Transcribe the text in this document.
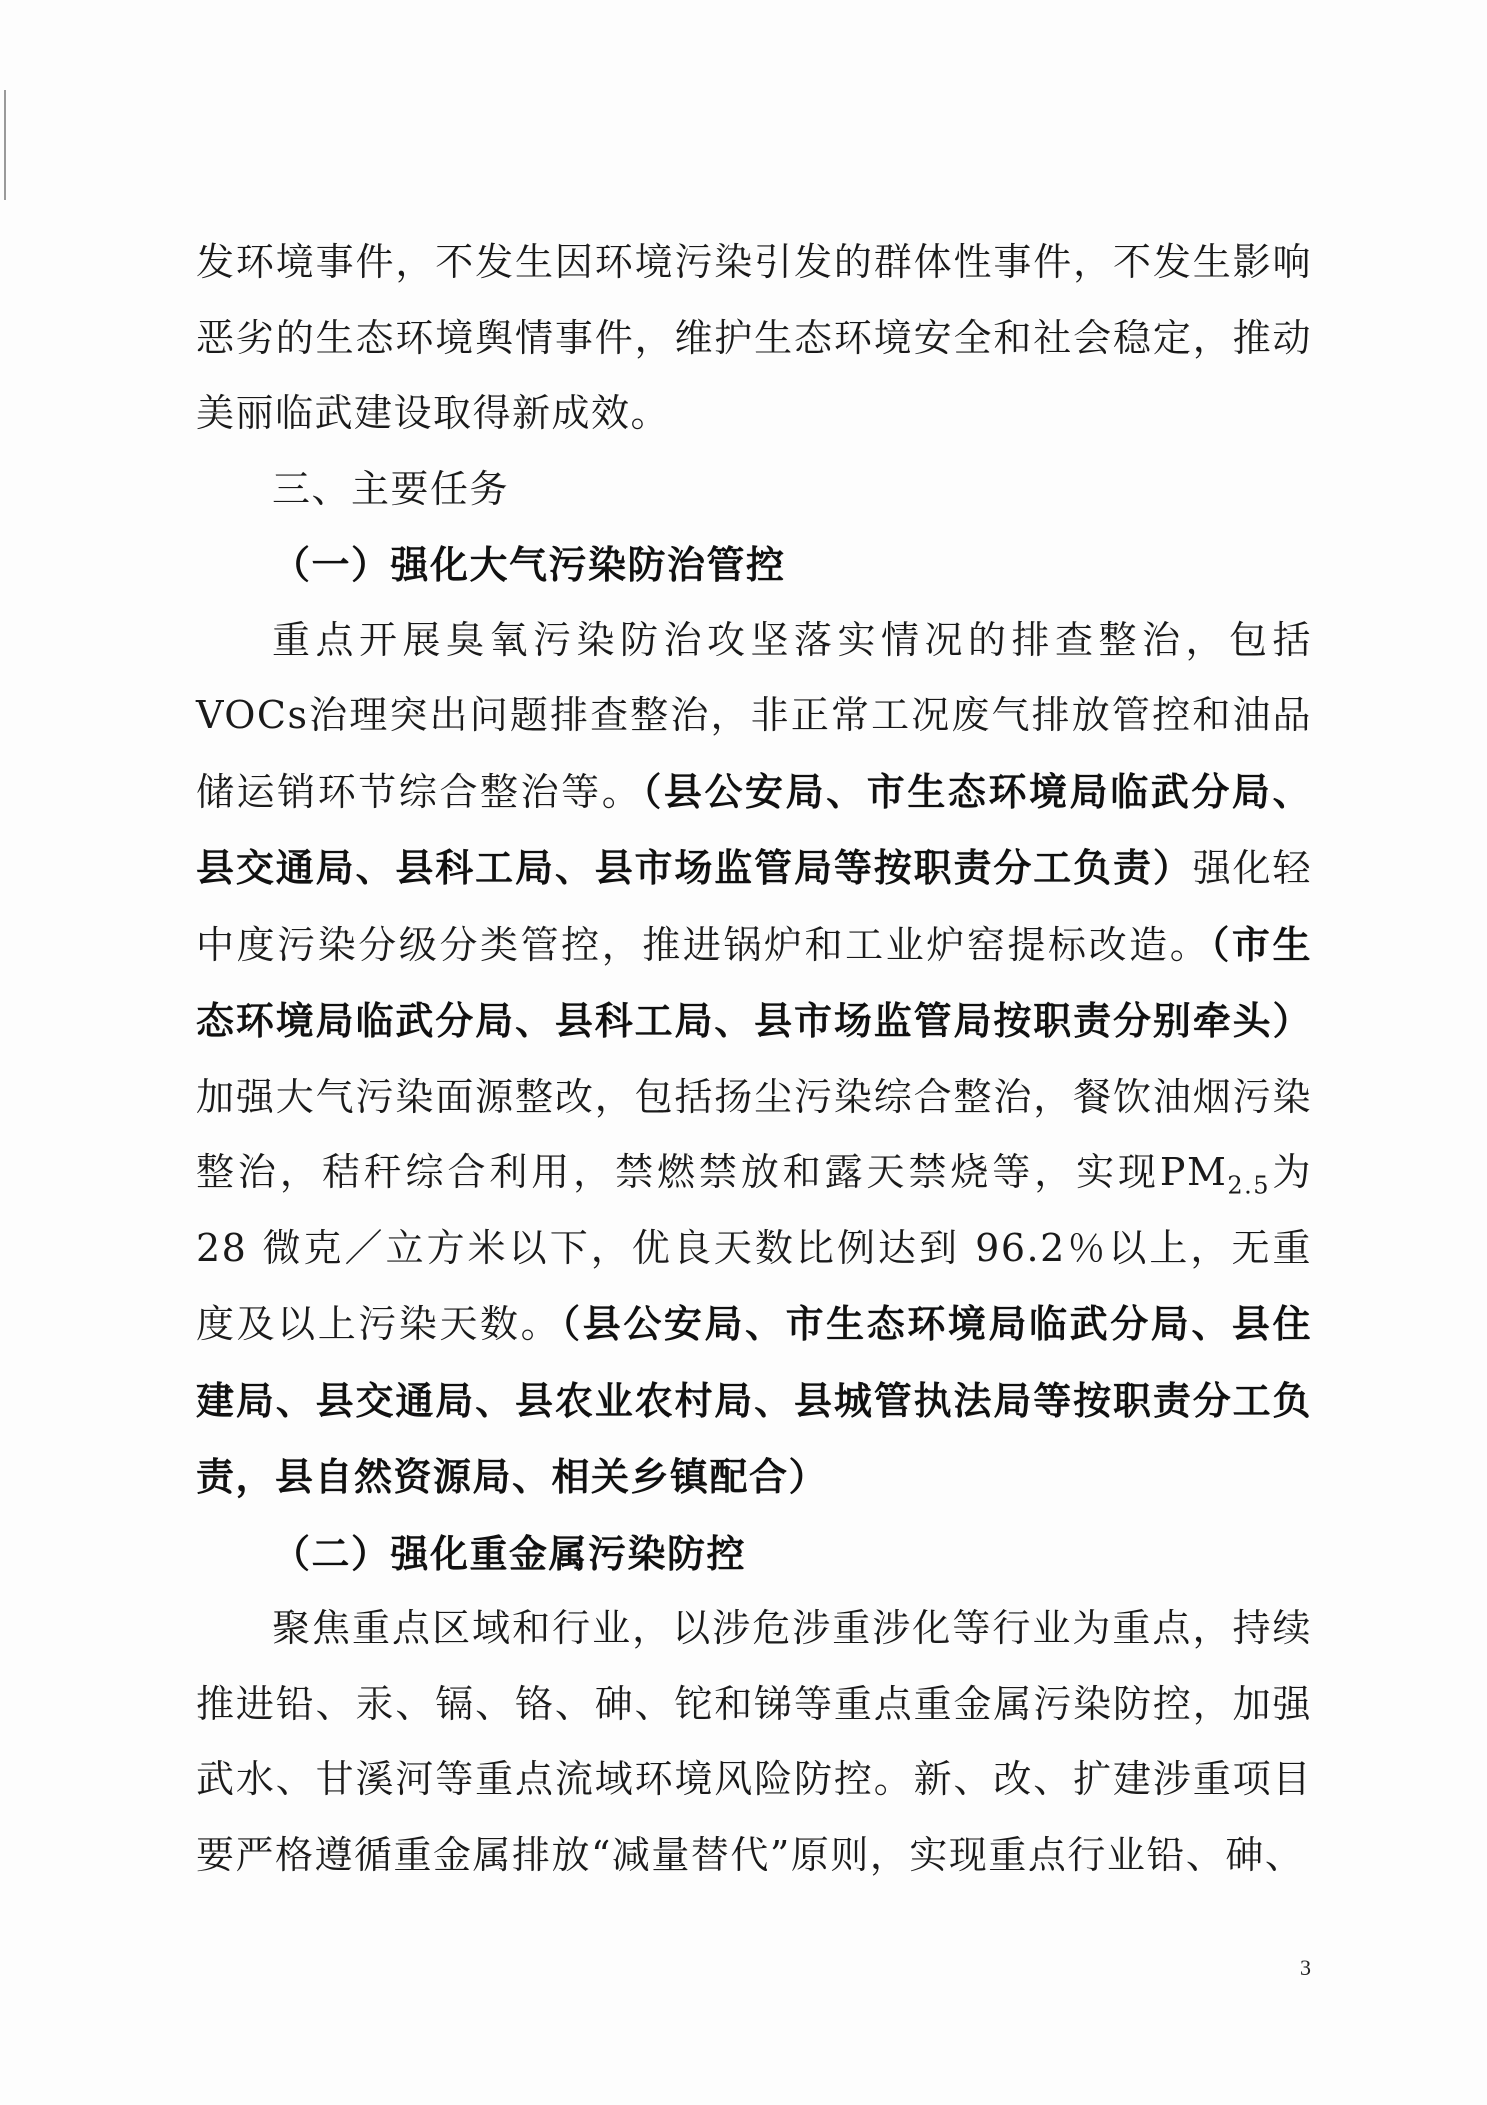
发环境事件，不发生因环境污染引发的群体性事件，不发生影响恶劣的生态环境舆情事件，维护生态环境安全和社会稳定，推动美丽临武建设取得新成效。

三、主要任务

（一）强化大气污染防治管控

重点开展臭氧污染防治攻坚落实情况的排查整治，包括VOCs治理突出问题排查整治，非正常工况废气排放管控和油品储运销环节综合整治等。（县公安局、市生态环境局临武分局、县交通局、县科工局、县市场监管局等按职责分工负责）强化轻中度污染分级分类管控，推进锅炉和工业炉窑提标改造。（市生态环境局临武分局、县科工局、县市场监管局按职责分别牵头）加强大气污染面源整改，包括扬尘污染综合整治，餐饮油烟污染整治，秸秆综合利用，禁燃禁放和露天禁烧等，实现$PM_{2.5}$为 28 微克／立方米以下，优良天数比例达到 96.2％以上，无重度及以上污染天数。（县公安局、市生态环境局临武分局、县住建局、县交通局、县农业农村局、县城管执法局等按职责分工负责，县自然资源局、相关乡镇配合）

（二）强化重金属污染防控

聚焦重点区域和行业，以涉危涉重涉化等行业为重点，持续推进铅、汞、镉、铬、砷、铊和锑等重点重金属污染防控，加强武水、甘溪河等重点流域环境风险防控。新、改、扩建涉重项目要严格遵循重金属排放“减量替代”原则，实现重点行业铅、砷、

3
